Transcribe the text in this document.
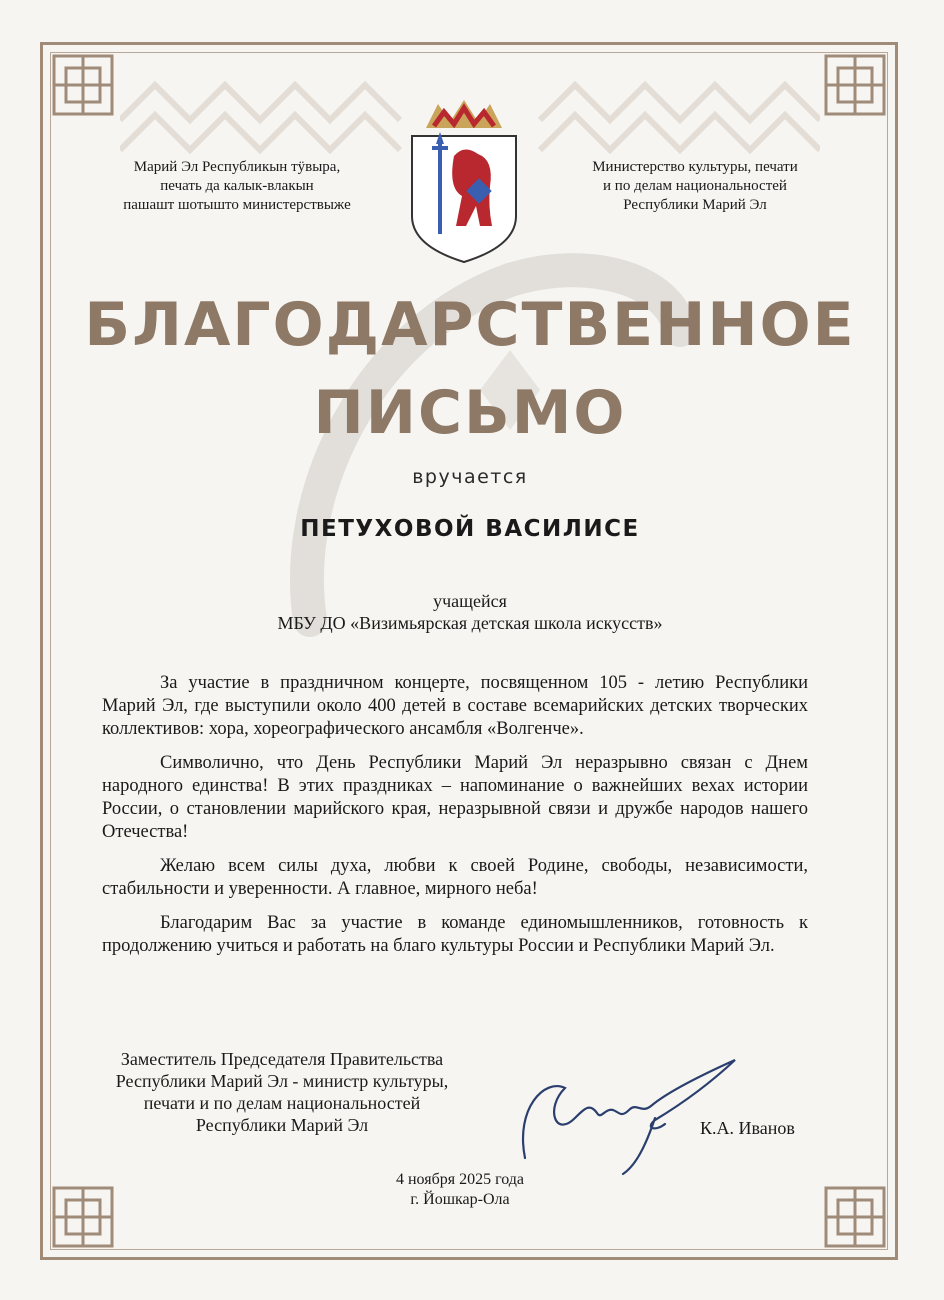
Марий Эл Республикын тӱвыра,
печать да калык-влакын
пашашт шотышто министерствыже
Министерство культуры, печати
и по делам национальностей
Республики Марий Эл
БЛАГОДАРСТВЕННОЕ
ПИСЬМО
вручается
ПЕТУХОВОЙ ВАСИЛИСЕ
учащейся
МБУ ДО «Визимьярская детская школа искусств»

За участие в праздничном концерте, посвященном 105 - летию Республики Марий Эл, где выступили около 400 детей в составе всемарийских детских творческих коллективов: хора, хореографического ансамбля «Волгенче».

Символично, что День Республики Марий Эл неразрывно связан с Днем народного единства! В этих праздниках – напоминание о важнейших вехах истории России, о становлении марийского края, неразрывной связи и дружбе народов нашего Отечества!

Желаю всем силы духа, любви к своей Родине, свободы, независимости, стабильности и уверенности. А главное, мирного неба!

Благодарим Вас за участие в команде единомышленников, готовность к продолжению учиться и работать на благо культуры России и Республики Марий Эл.

Заместитель Председателя Правительства
Республики Марий Эл - министр культуры,
печати и по делам национальностей
Республики Марий Эл	К.А. Иванов
4 ноября 2025 года
г. Йошкар-Ола
